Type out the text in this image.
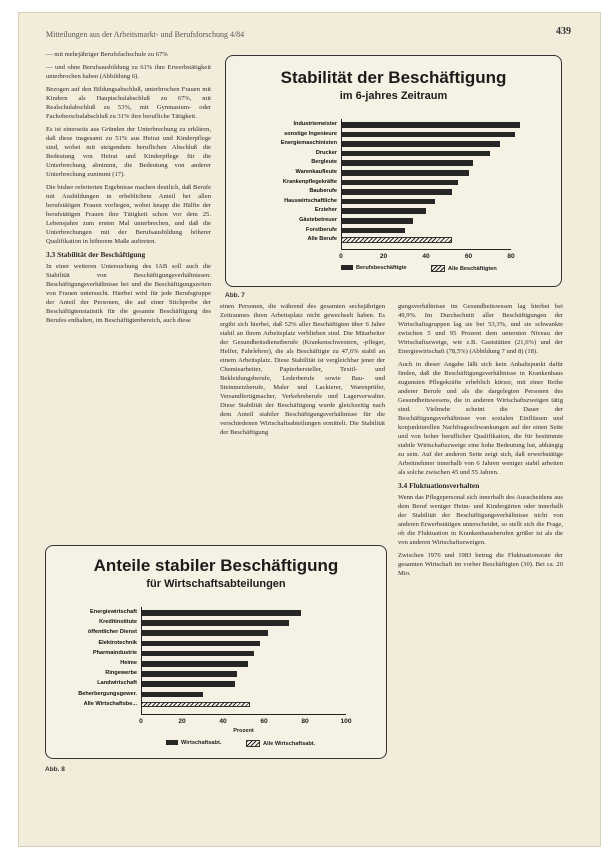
Mitteilungen aus der Arbeitsmarkt- und Berufsforschung 4/84	439

— mit mehrjähriger Berufsfachschule zu 67%

— und ohne Berufsausbildung zu 61% ihre Erwerbstätigkeit unterbrochen haben (Abbildung 6).

Bezogen auf den Bildungsabschluß, unterbrochen Frauen mit Kindern als Hauptschulabschluß zu 67%, mit Realschulabschluß zu 53%, mit Gymnasium- oder Fachoberschulabschluß zu 31% ihre berufliche Tätigkeit.

Es ist einerseits aus Gründen der Unterbrechung zu erklären, daß diese insgesamt zu 51% aus Heirat und Kinderpflege sind, wobei mit steigendem beruflichen Abschluß die Bedeutung von Heirat und Kinderpflege für die Unterbrechung abnimmt, die Bedeutung von anderer Unterbrechung zunimmt (17).

Die bisher referierten Ergebnisse machen deutlich, daß Berufe mit Ausbildungen in erheblichem Anteil bei allen berufstätigen Frauen vorliegen, wobei knapp die Hälfte der berufstätigen Frauen ihre Tätigkeit schon vor dem 25. Lebensjahre zum ersten Mal unterbrechen, und daß die Unterbrechungen mit der Berufsausbildung höherer Qualifikation in höherem Maße auftreten.

3.3 Stabilität der Beschäftigung

In einer weiteren Untersuchung des IAB soll auch die Stabilität von Beschäftigungsverhältnissen: Beschäftigungsverhältnisse bei und die Beschäftigungszeiten von Frauen untersucht. Hierbei wird für jede Berufsgruppe der Anteil der Personen, die auf einer Stichprobe der Beschäftigtenstatistik für die gesamte Beschäftigung des Berufes enthalten, im Beschäftigtenbereich, auch diese

einen Personen, die während des gesamten sechsjährigen Zeitraumes ihren Arbeitsplatz nicht gewechselt haben. Es ergibt sich hierbei, daß 52% aller Beschäftigten über 6 Jahre stabil an ihrem Arbeitsplatz verblieben sind. Die Mitarbeiter der Gesundheitsdienstberufe (Krankenschwestern, -pfleger, Helfer, Fahrlehrer), die als Beschäftigte zu 47,6% stabil an einem Arbeitsplatz. Diese Stabilität ist vergleichbar jener der Chemiearbeiter, Papierhersteller, Textil- und Bekleidungsberufe, Lederberufe sowie Bau- und Steinmetzberufe, Maler und Lackierer, Warenprüfer, Versandfertigmacher, Verkehrsberufe und Lagerverwalter. Diese Stabilität der Beschäftigung wurde gleichzeitig nach dem Anteil stabiler Beschäftigungsverhältnisse für die verschiedenen Wirtschaftsabteilungen ermittelt. Die Stabilität der Beschäftigung

gungsverhältnisse im Gesundheitswesen lag hierbei bei 49,9%. Im Durchschnitt aller Beschäftigungen der Wirtschaftsgruppen lag sie bei 53,3%, und sie schwankte zwischen 5 und 95 Prozent dem untersten Niveau der Wirtschaftszweige, wie z.B. Gaststätten (21,6%) und der Energiewirtschaft (78,5%) (Abbildung 7 und 8) (18).

Auch in dieser Angabe läßt sich kein Anhaltspunkt dafür finden, daß die Beschäftigungsverhältnisse in Krankenhaus zugunsten Pflegekräfte erheblich kürzer, mit einer Reihe anderer Berufe und als die dargelegten Personen des Gesundheitswesens, die in anderen Wirtschaftszweigen tätig sind. Vielmehr scheint die Dauer der Beschäftigungsverhältnisse von sozialen Einflüssen und konjunkturellen Nachfrageschwankungen auf der einen Seite und von hoher beruflicher Qualifikation, die für bestimmte stabile Wirtschaftszweige eine hohe Bedeutung hat, abhängig zu sein. Auf der anderen Seite zeigt sich, daß erwerbstätige Arbeitnehmer innerhalb von 6 Jahren weniger stabil arbeiten als solche zwischen 45 und 55 Jahren.

3.4 Fluktuationsverhalten

Wenn das Pflegepersonal sich innerhalb des Ausscheidens aus dem Beruf weniger Heim- und Kindergärten oder innerhalb der Stabilität der Beschäftigungsverhältnisse nicht von anderen Erwerbstätigen unterscheidet, so stellt sich die Frage, ob die Fluktuation in Krankenhausberufen größer ist als die von anderen Wirtschaftszweigen.

Zwischen 1976 und 1983 betrug die Fluktuationsrate der gesamten Wirtschaft im vorher Beschäftigten (30). Bei ca. 20 Mio.

Stabilität der Beschäftigung
im 6-jahres Zeitraum
Industriemeister
sonstige Ingenieure
Energiemaschinisten
Drucker
Bergleute
Warenkaufleute
Krankenpflegekräfte
Bauberufe
Hauswirtschaftliche
Erzieher
Gästebetreuer
Forstberufe
Alle Berufe
0	20	40	60	80
Berufsbeschäftigte	Alle Beschäftigten
Abb. 7
Anteile stabiler Beschäftigung
für Wirtschaftsabteilungen
Energiewirtschaft
Kreditinstitute
öffentlicher Dienst
Elektrotechnik
Pharmaindustrie
Heime
Ringewerbe
Landwirtschaft
Beherbergungsgewer.
Alle Wirtschaftsbe...
0	20	40	60	80	100
Prozent
Wirtschaftsabt.	Alle Wirtschaftsabt.
Abb. 8
